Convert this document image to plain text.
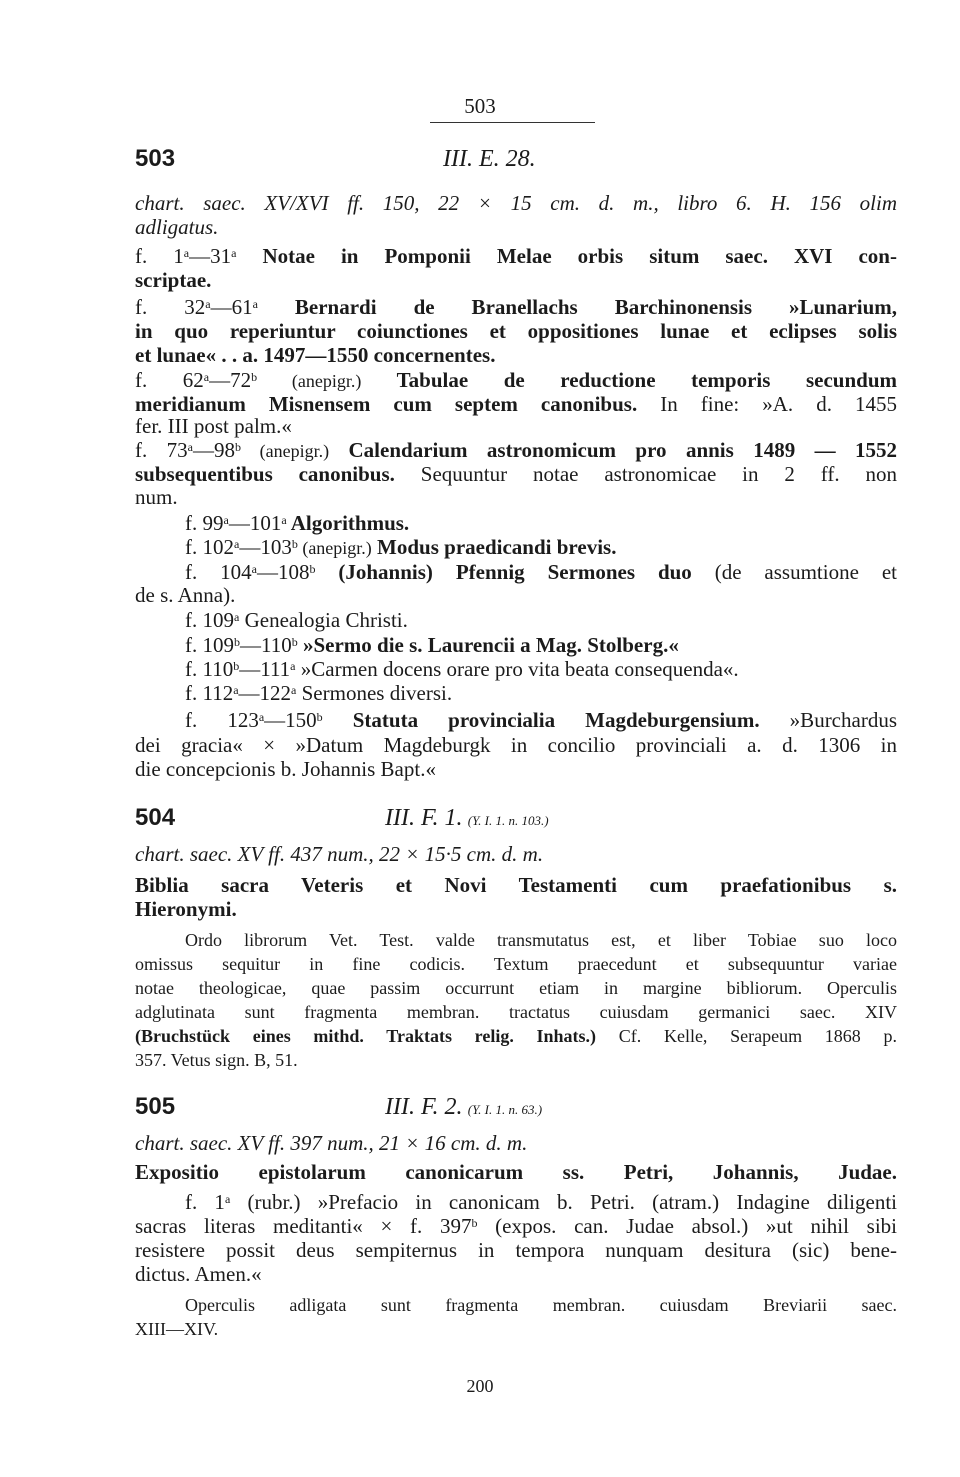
503
503	III. E. 28.
chart. saec. XV/XVI ff. 150, 22 × 15 cm. d. m., libro 6. H. 156 olim
adligatus.
f. 1$^a$—31$^a$ Notae in Pomponii Melae orbis situm saec. XVI con-
scriptae.
f. 32$^a$—61$^a$ Bernardi de Branellachs Barchinonensis »Lunarium,
in quo reperiuntur coiunctiones et oppositiones lunae et eclipses solis
et lunae« . . a. 1497—1550 concernentes.
f. 62$^a$—72$^b$ (anepigr.) Tabulae de reductione temporis secundum
meridianum Misnensem cum septem canonibus. In fine: »A. d. 1455
fer. III post palm.«
f. 73$^a$—98$^b$ (anepigr.) Calendarium astronomicum pro annis 1489 — 1552
subsequentibus canonibus. Sequuntur notae astronomicae in 2 ff. non
num.
f. 99$^a$—101$^a$ Algorithmus.
f. 102$^a$—103$^b$ (anepigr.) Modus praedicandi brevis.
f. 104$^a$—108$^b$ (Johannis) Pfennig Sermones duo (de assumtione et
de s. Anna).
f. 109$^a$ Genealogia Christi.
f. 109$^b$—110$^b$ »Sermo die s. Laurencii a Mag. Stolberg.«
f. 110$^b$—111$^a$ »Carmen docens orare pro vita beata consequenda«.
f. 112$^a$—122$^a$ Sermones diversi.
f. 123$^a$—150$^b$ Statuta provincialia Magdeburgensium. »Burchardus
dei gracia« × »Datum Magdeburgk in concilio provinciali a. d. 1306 in
die concepcionis b. Johannis Bapt.«
504	III. F. 1. (Y. I. 1. n. 103.)
chart. saec. XV ff. 437 num., 22 × 15·5 cm. d. m.
Biblia sacra Veteris et Novi Testamenti cum praefationibus s.
Hieronymi.
Ordo librorum Vet. Test. valde transmutatus est, et liber Tobiae suo loco
omissus sequitur in fine codicis. Textum praecedunt et subsequuntur variae
notae theologicae, quae passim occurrunt etiam in margine bibliorum. Operculis
adglutinata sunt fragmenta membran. tractatus cuiusdam germanici saec. XIV
(Bruchstück eines mithd. Traktats relig. Inhats.) Cf. Kelle, Serapeum 1868 p.
357. Vetus sign. B, 51.
505	III. F. 2. (Y. I. 1. n. 63.)
chart. saec. XV ff. 397 num., 21 × 16 cm. d. m.
Expositio epistolarum canonicarum ss. Petri, Johannis, Judae.
f. 1$^a$ (rubr.) »Prefacio in canonicam b. Petri. (atram.) Indagine diligenti
sacras literas meditanti« × f. 397$^b$ (expos. can. Judae absol.) »ut nihil sibi
resistere possit deus sempiternus in tempora nunquam desitura (sic) bene-
dictus. Amen.«
Operculis adligata sunt fragmenta membran. cuiusdam Breviarii saec.
XIII—XIV.
200
